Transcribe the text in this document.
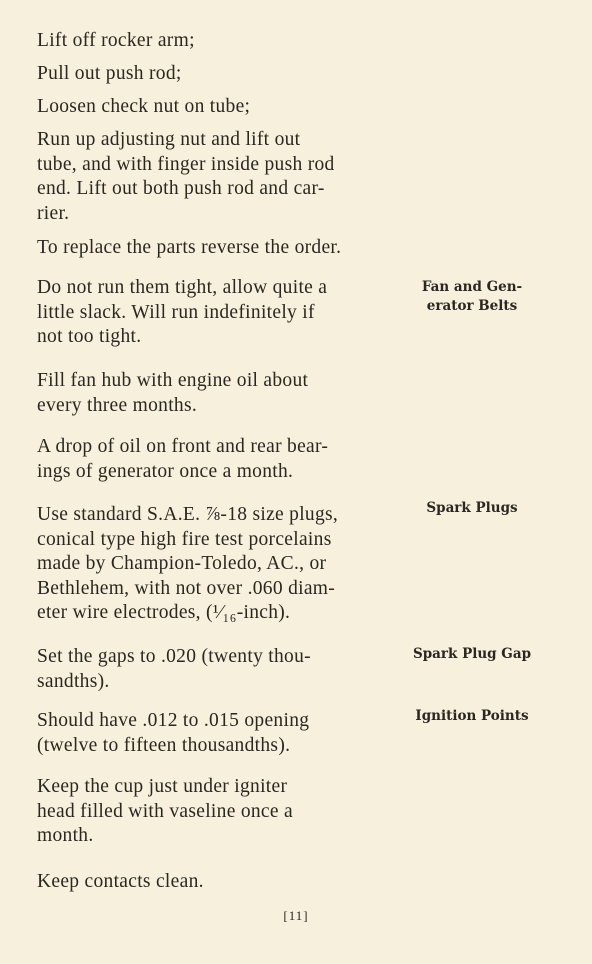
Lift off rocker arm;

Pull out push rod;

Loosen check nut on tube;

Run up adjusting nut and lift out
tube, and with finger inside push rod
end. Lift out both push rod and car-
rier.

To replace the parts reverse the order.

Do not run them tight, allow quite a
little slack. Will run indefinitely if
not too tight.

Fill fan hub with engine oil about
every three months.

A drop of oil on front and rear bear-
ings of generator once a month.

Use standard S.A.E. ⅞-18 size plugs,
conical type high fire test porcelains
made by Champion-Toledo, AC., or
Bethlehem, with not over .060 diam-
eter wire electrodes, (¹⁄₁₆-inch).

Set the gaps to .020 (twenty thou-
sandths).

Should have .012 to .015 opening
(twelve to fifteen thousandths).

Keep the cup just under igniter
head filled with vaseline once a
month.

Keep contacts clean.

Fan and Gen-
erator Belts
Spark Plugs
Spark Plug Gap
Ignition Points
[11]
